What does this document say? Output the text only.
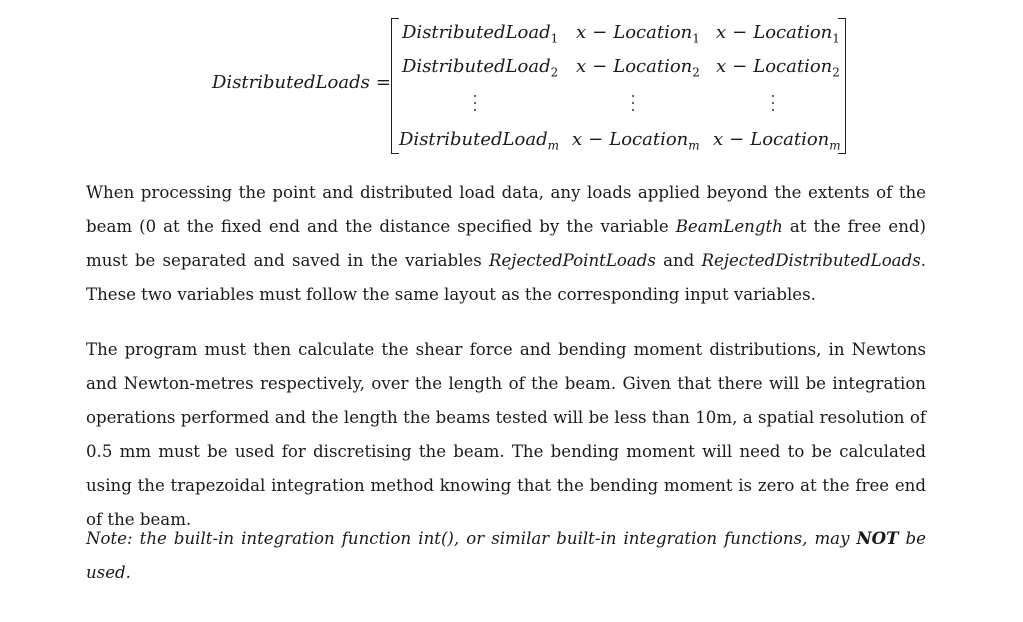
DistributedLoads =
DistributedLoad$_1$ x − Location$_1$ x − Location$_1$
DistributedLoad$_2$ x − Location$_2$ x − Location$_2$
DistributedLoad$_m$ x − Location$_m$ x − Location$_m$

When processing the point and distributed load data, any loads applied beyond the extents of the beam (0 at the fixed end and the distance specified by the variable BeamLength at the free end) must be separated and saved in the variables RejectedPointLoads and RejectedDistributedLoads. These two variables must follow the same layout as the corresponding input variables.

The program must then calculate the shear force and bending moment distributions, in Newtons and Newton-metres respectively, over the length of the beam. Given that there will be integration operations performed and the length the beams tested will be less than 10m, a spatial resolution of 0.5 mm must be used for discretising the beam. The bending moment will need to be calculated using the trapezoidal integration method knowing that the bending moment is zero at the free end of the beam.

Note: the built-in integration function int(), or similar built-in integration functions, may NOT be used.
